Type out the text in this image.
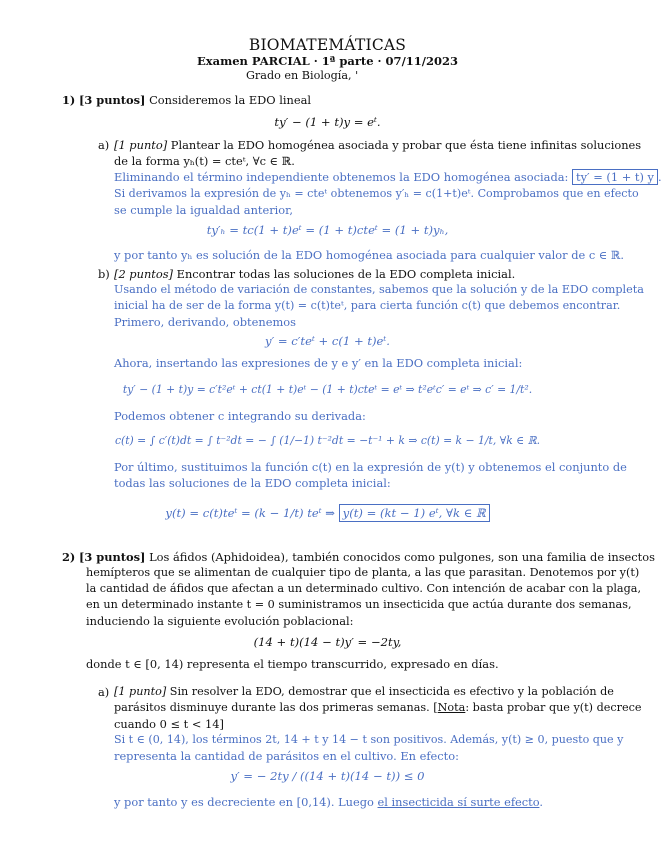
BIOMATEMÁTICAS
Examen PARCIAL · 1ª parte · 07/11/2023
Grado en Biología, '
1) [3 puntos] Consideremos la EDO lineal
ty′ − (1 + t)y = eᵗ.
a) [1 punto] Plantear la EDO homogénea asociada y probar que ésta tiene infinitas soluciones
de la forma yₕ(t) = cteᵗ, ∀c ∈ ℝ.
Eliminando el término independiente obtenemos la EDO homogénea asociada: ty′ = (1 + t) y .
Si derivamos la expresión de yₕ = cteᵗ obtenemos y′ₕ = c(1+t)eᵗ. Comprobamos que en efecto
se cumple la igualdad anterior,
ty′ₕ = tc(1 + t)eᵗ = (1 + t)cteᵗ = (1 + t)yₕ,
y por tanto yₕ es solución de la EDO homogénea asociada para cualquier valor de c ∈ ℝ.
b) [2 puntos] Encontrar todas las soluciones de la EDO completa inicial.
Usando el método de variación de constantes, sabemos que la solución y de la EDO completa
inicial ha de ser de la forma y(t) = c(t)teᵗ, para cierta función c(t) que debemos encontrar.
Primero, derivando, obtenemos
y′ = c′teᵗ + c(1 + t)eᵗ.
Ahora, insertando las expresiones de y e y′ en la EDO completa inicial:
ty′ − (1 + t)y = c′t²eᵗ + ct(1 + t)eᵗ − (1 + t)cteᵗ = eᵗ ⇒ t²eᵗc′ = eᵗ ⇒ c′ = 1/t².
Podemos obtener c integrando su derivada:
c(t) = ∫ c′(t)dt = ∫ t⁻²dt = − ∫ (1/−1) t⁻²dt = −t⁻¹ + k ⇒ c(t) = k − 1/t, ∀k ∈ ℝ.
Por último, sustituimos la función c(t) en la expresión de y(t) y obtenemos el conjunto de
todas las soluciones de la EDO completa inicial:
y(t) = c(t)teᵗ = (k − 1/t) teᵗ ⇒ y(t) = (kt − 1) eᵗ, ∀k ∈ ℝ
2) [3 puntos] Los áfidos (Aphidoidea), también conocidos como pulgones, son una familia de insectos
hemípteros que se alimentan de cualquier tipo de planta, a las que parasitan. Denotemos por y(t)
la cantidad de áfidos que afectan a un determinado cultivo. Con intención de acabar con la plaga,
en un determinado instante t = 0 suministramos un insecticida que actúa durante dos semanas,
induciendo la siguiente evolución poblacional:
(14 + t)(14 − t)y′ = −2ty,
donde t ∈ [0, 14) representa el tiempo transcurrido, expresado en días.
a) [1 punto] Sin resolver la EDO, demostrar que el insecticida es efectivo y la población de
parásitos disminuye durante las dos primeras semanas. [Nota: basta probar que y(t) decrece
cuando 0 ≤ t < 14]
Si t ∈ (0, 14), los términos 2t, 14 + t y 14 − t son positivos. Además, y(t) ≥ 0, puesto que y
representa la cantidad de parásitos en el cultivo. En efecto:
y′ = − 2ty / ((14 + t)(14 − t)) ≤ 0
y por tanto y es decreciente en [0,14). Luego el insecticida sí surte efecto.
